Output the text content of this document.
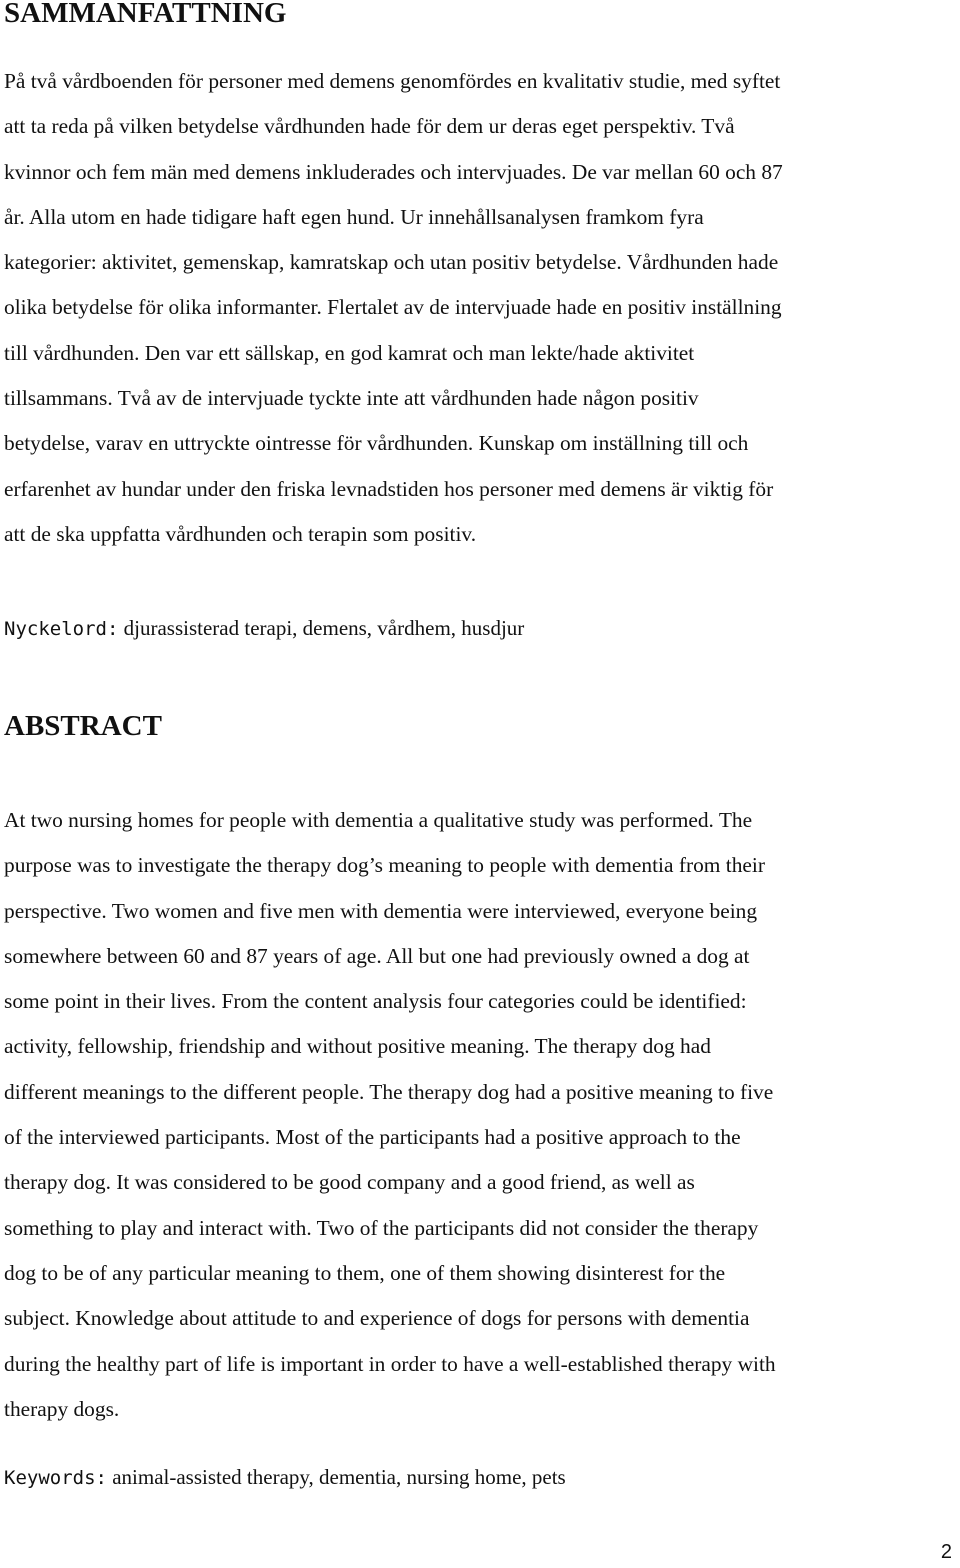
SAMMANFATTNING

På två vårdboenden för personer med demens genomfördes en kvalitativ studie, med syftet
att ta reda på vilken betydelse vårdhunden hade för dem ur deras eget perspektiv. Två
kvinnor och fem män med demens inkluderades och intervjuades. De var mellan 60 och 87
år. Alla utom en hade tidigare haft egen hund. Ur innehållsanalysen framkom fyra
kategorier: aktivitet, gemenskap, kamratskap och utan positiv betydelse. Vårdhunden hade
olika betydelse för olika informanter. Flertalet av de intervjuade hade en positiv inställning
till vårdhunden. Den var ett sällskap, en god kamrat och man lekte/hade aktivitet
tillsammans. Två av de intervjuade tyckte inte att vårdhunden hade någon positiv
betydelse, varav en uttryckte ointresse för vårdhunden. Kunskap om inställning till och
erfarenhet av hundar under den friska levnadstiden hos personer med demens är viktig för
att de ska uppfatta vårdhunden och terapin som positiv.

Nyckelord: djurassisterad terapi, demens, vårdhem, husdjur

ABSTRACT

At two nursing homes for people with dementia a qualitative study was performed. The
purpose was to investigate the therapy dog’s meaning to people with dementia from their
perspective. Two women and five men with dementia were interviewed, everyone being
somewhere between 60 and 87 years of age. All but one had previously owned a dog at
some point in their lives. From the content analysis four categories could be identified:
activity, fellowship, friendship and without positive meaning. The therapy dog had
different meanings to the different people. The therapy dog had a positive meaning to five
of the interviewed participants. Most of the participants had a positive approach to the
therapy dog. It was considered to be good company and a good friend, as well as
something to play and interact with. Two of the participants did not consider the therapy
dog to be of any particular meaning to them, one of them showing disinterest for the
subject. Knowledge about attitude to and experience of dogs for persons with dementia
during the healthy part of life is important in order to have a well-established therapy with
therapy dogs.

Keywords: animal-assisted therapy, dementia, nursing home, pets

2
